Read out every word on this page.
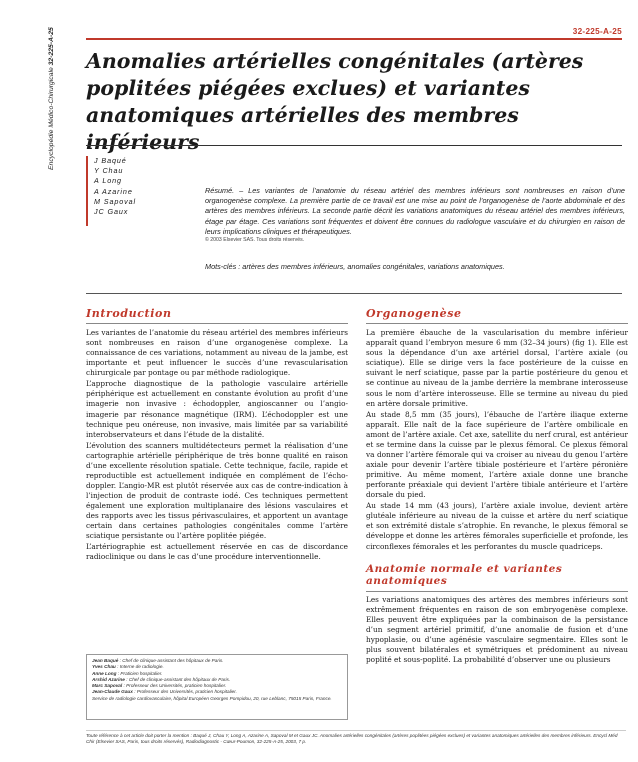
Encyclopédie Médico-Chirurgicale 32-225-A-25	32-225-A-25
Anomalies artérielles congénitales (artères poplitées piégées exclues) et variantes anatomiques artérielles des membres inférieurs
J Baqué
Y Chau
A Long
A Azarine
M Sapoval
JC Gaux
Résumé. – Les variantes de l’anatomie du réseau artériel des membres inférieurs sont nombreuses en raison d’une organogenèse complexe. La première partie de ce travail est une mise au point de l’organogenèse de l’aorte abdominale et des artères des membres inférieurs. La seconde partie décrit les variations anatomiques du réseau artériel des membres inférieurs, étage par étage. Ces variations sont fréquentes et doivent être connues du radiologue vasculaire et du chirurgien en raison de leurs implications cliniques et thérapeutiques.
© 2003 Elsevier SAS. Tous droits réservés.
Mots-clés : artères des membres inférieurs, anomalies congénitales, variations anatomiques.
Introduction

Les variantes de l’anatomie du réseau artériel des membres inférieurs sont nombreuses en raison d’une organogenèse complexe. La connaissance de ces variations, notamment au niveau de la jambe, est importante et peut influencer le succès d’une revascularisation chirurgicale par pontage ou par méthode radiologique.

L’approche diagnostique de la pathologie vasculaire artérielle périphérique est actuellement en constante évolution au profit d’une imagerie non invasive : échodoppler, angioscanner ou l’angio-imagerie par résonance magnétique (IRM). L’échodoppler est une technique peu onéreuse, non invasive, mais limitée par sa variabilité interobservateurs et dans l’étude de la distalité.

L’évolution des scanners multidétecteurs permet la réalisation d’une cartographie artérielle périphérique de très bonne qualité en raison d’une excellente résolution spatiale. Cette technique, facile, rapide et reproductible est actuellement indiquée en complément de l’écho-doppler. L’angio-MR est plutôt réservée aux cas de contre-indication à l’injection de produit de contraste iodé. Ces techniques permettent également une exploration multiplanaire des lésions vasculaires et des rapports avec les tissus périvasculaires, et apportent un avantage certain dans certaines pathologies congénitales comme l’artère sciatique persistante ou l’artère poplitée piégée.

L’artériographie est actuellement réservée en cas de discordance radioclinique ou dans le cas d’une procédure interventionnelle.

Organogenèse

La première ébauche de la vascularisation du membre inférieur apparaît quand l’embryon mesure 6 mm (32–34 jours) (fig 1). Elle est sous la dépendance d’un axe artériel dorsal, l’artère axiale (ou sciatique). Elle se dirige vers la face postérieure de la cuisse en suivant le nerf sciatique, passe par la partie postérieure du genou et se continue au niveau de la jambe derrière la membrane interosseuse sous le nom d’artère interosseuse. Elle se termine au niveau du pied en artère dorsale primitive.

Au stade 8,5 mm (35 jours), l’ébauche de l’artère iliaque externe apparaît. Elle naît de la face supérieure de l’artère ombilicale en amont de l’artère axiale. Cet axe, satellite du nerf crural, est antérieur et se termine dans la cuisse par le plexus fémoral. Ce plexus fémoral va donner l’artère fémorale qui va croiser au niveau du genou l’artère axiale pour devenir l’artère tibiale postérieure et l’artère péronière primitive. Au même moment, l’artère axiale donne une branche perforante préaxiale qui devient l’artère tibiale antérieure et l’artère dorsale du pied.

Au stade 14 mm (43 jours), l’artère axiale involue, devient artère glutéale inférieure au niveau de la cuisse et artère du nerf sciatique et son extrémité distale s’atrophie. En revanche, le plexus fémoral se développe et donne les artères fémorales superficielle et profonde, les circonflexes fémorales et les perforantes du muscle quadriceps.

Anatomie normale et variantes anatomiques

Les variations anatomiques des artères des membres inférieurs sont extrêmement fréquentes en raison de son embryogenèse complexe. Elles peuvent être expliquées par la combinaison de la persistance d’un segment artériel primitif, d’une anomalie de fusion et d’une hypoplasie, ou d’une agénésie vasculaire segmentaire. Elles sont le plus souvent bilatérales et symétriques et prédominent au niveau poplité et sous-poplité. La probabilité d’observer une ou plusieurs

Jean Baqué : Chef de clinique-assistant des hôpitaux de Paris.
Yves Chau : Interne de radiologie.
Anne Long : Praticien hospitalier.
Arshid Azarine : Chef de clinique-assistant des hôpitaux de Paris.
Marc Sapoval : Professeur des Universités, praticien hospitalier.
Jean-Claude Gaux : Professeur des Universités, praticien hospitalier.
Service de radiologie cardiovasculaire, hôpital Européen Georges Pompidou, 20, rue Leblanc, 75015 Paris, France.
Toute référence à cet article doit porter la mention : Baqué J, Chau Y, Long A, Azarine A, Sapoval M et Gaux JC. Anomalies artérielles congénitales (artères poplitées piégées exclues) et variantes anatomiques artérielles des membres inférieurs. Encycl Méd Chir (Elsevier SAS, Paris, tous droits réservés), Radiodiagnostic - Cœur-Poumon, 32-225-A-25, 2003, 7 p.
